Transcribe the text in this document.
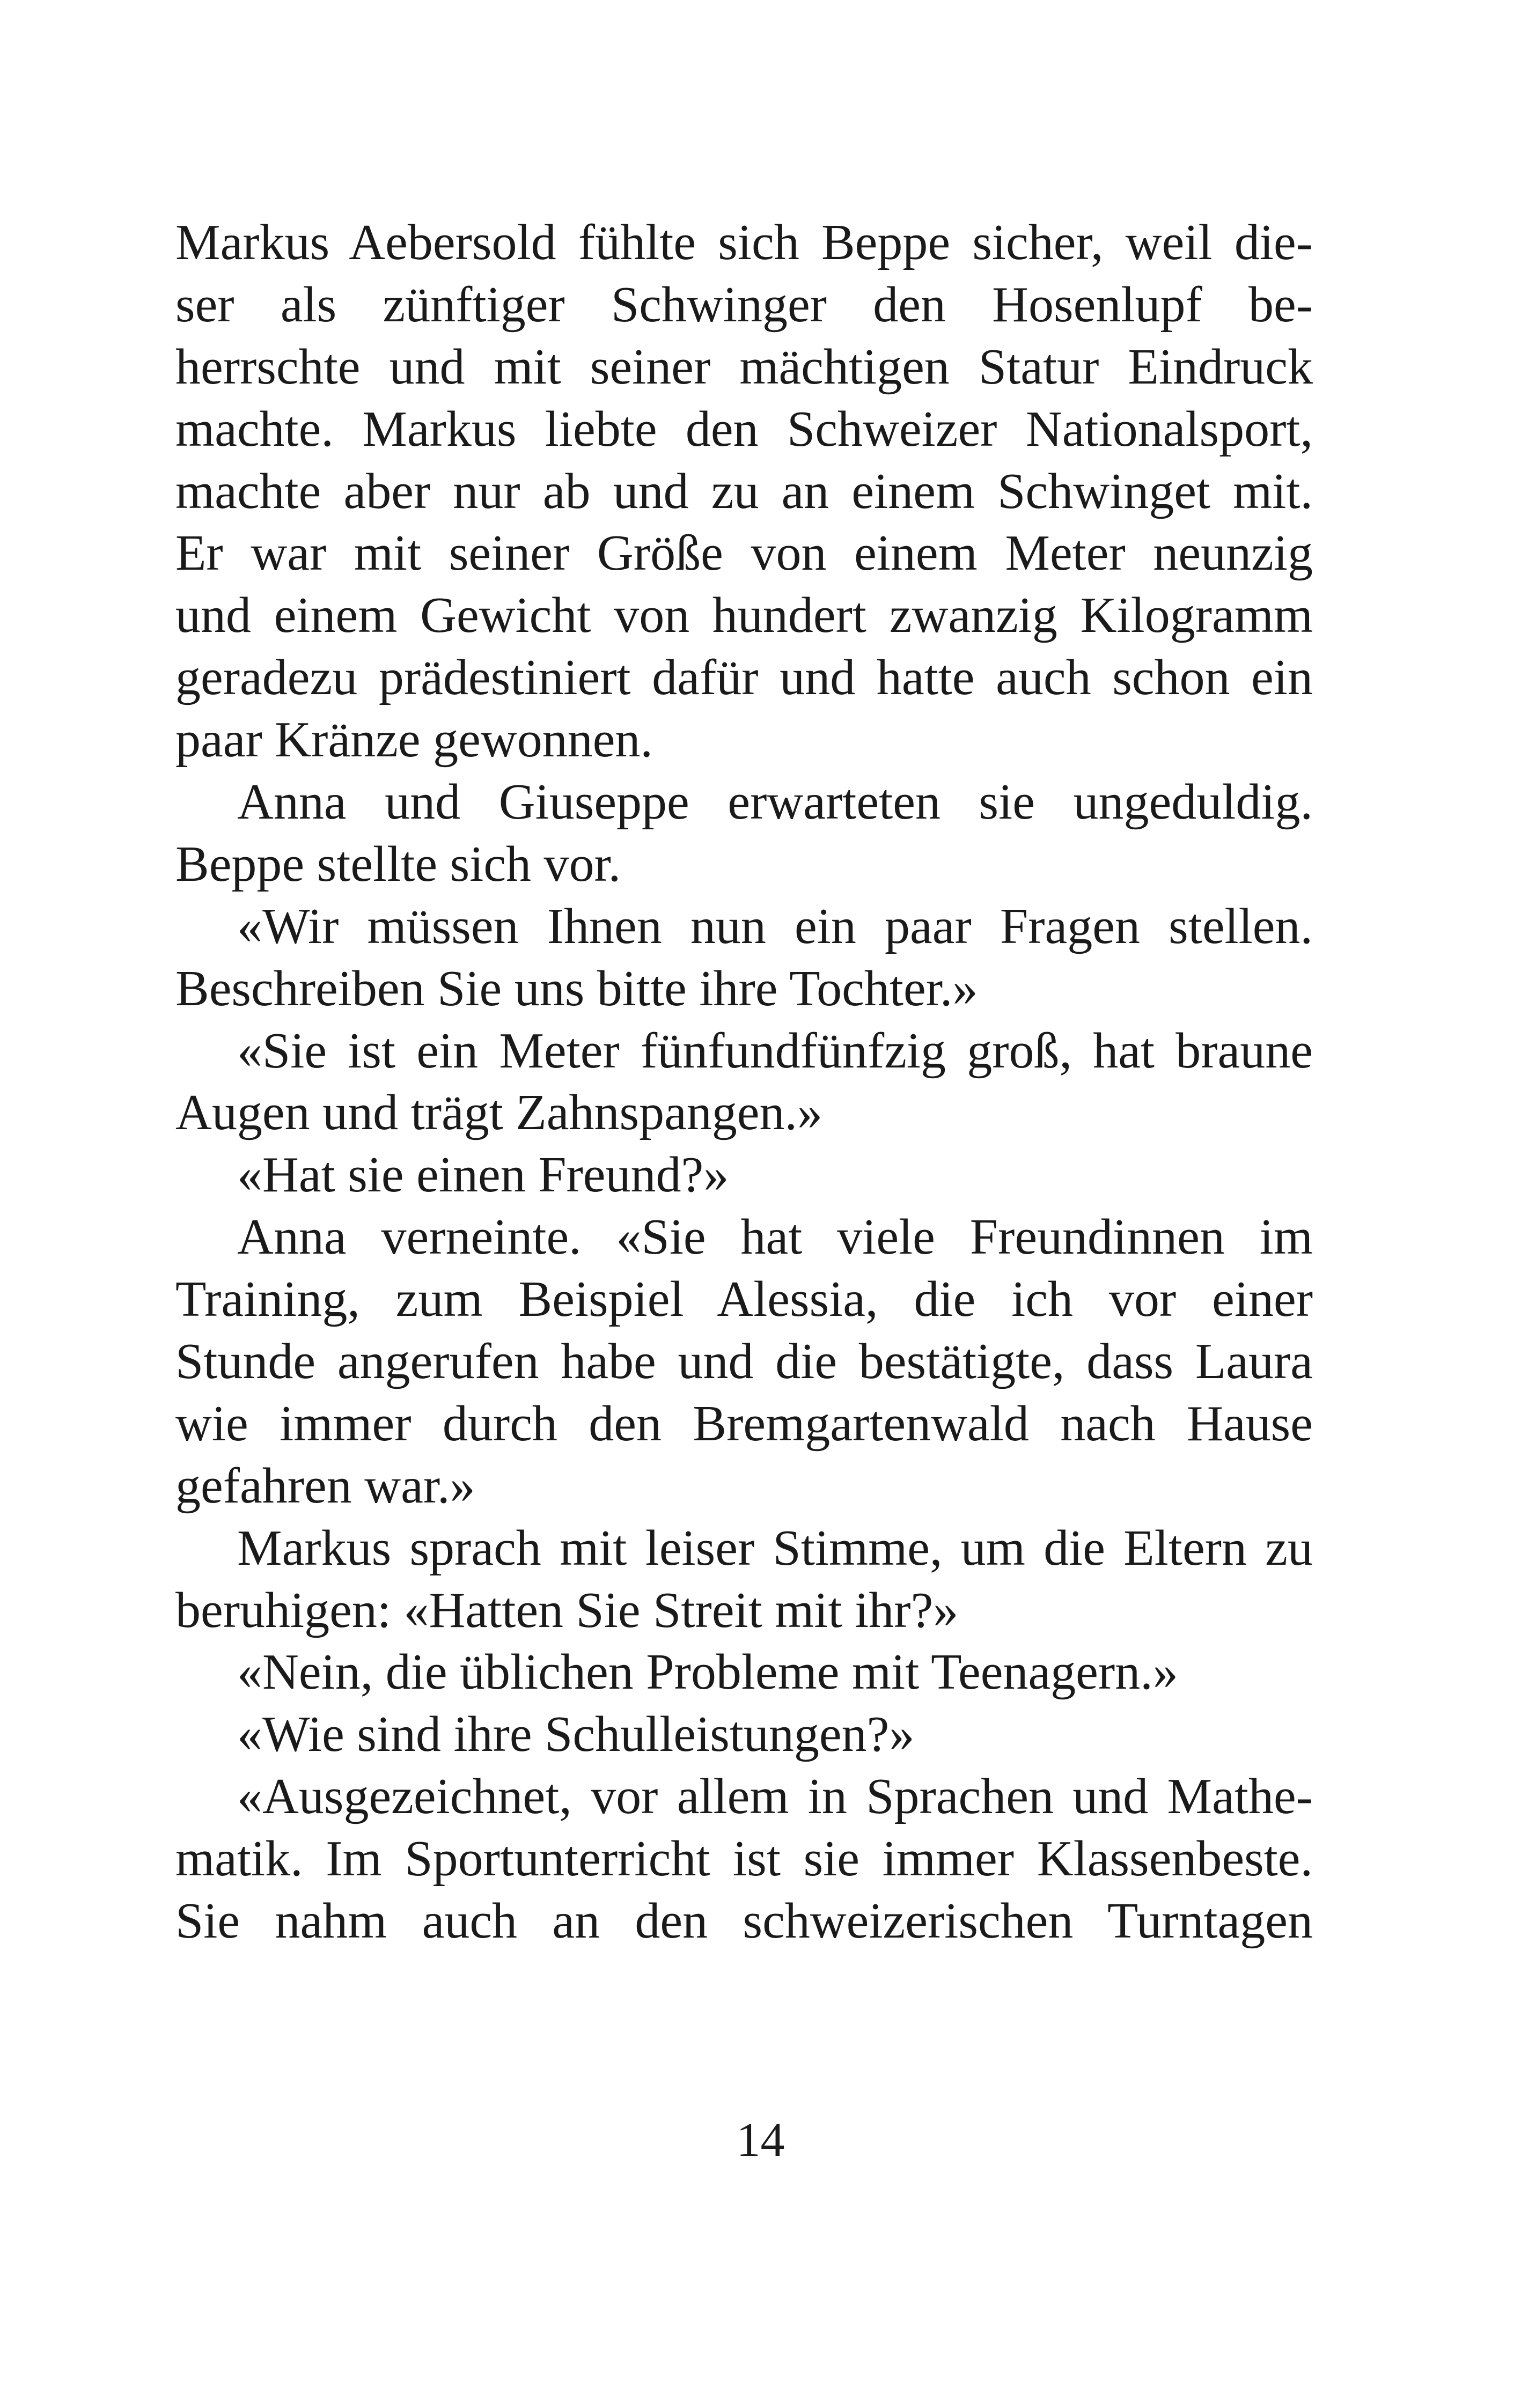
Markus Aebersold fühlte sich Beppe sicher, weil die-
ser als zünftiger Schwinger den Hosenlupf be-
herrschte und mit seiner mächtigen Statur Eindruck
machte. Markus liebte den Schweizer Nationalsport,
machte aber nur ab und zu an einem Schwinget mit.
Er war mit seiner Größe von einem Meter neunzig
und einem Gewicht von hundert zwanzig Kilogramm
geradezu prädestiniert dafür und hatte auch schon ein
paar Kränze gewonnen.
Anna und Giuseppe erwarteten sie ungeduldig.
Beppe stellte sich vor.
«Wir müssen Ihnen nun ein paar Fragen stellen.
Beschreiben Sie uns bitte ihre Tochter.»
«Sie ist ein Meter fünfundfünfzig groß, hat braune
Augen und trägt Zahnspangen.»
«Hat sie einen Freund?»
Anna verneinte. «Sie hat viele Freundinnen im
Training, zum Beispiel Alessia, die ich vor einer
Stunde angerufen habe und die bestätigte, dass Laura
wie immer durch den Bremgartenwald nach Hause
gefahren war.»
Markus sprach mit leiser Stimme, um die Eltern zu
beruhigen: «Hatten Sie Streit mit ihr?»
«Nein, die üblichen Probleme mit Teenagern.»
«Wie sind ihre Schulleistungen?»
«Ausgezeichnet, vor allem in Sprachen und Mathe-
matik. Im Sportunterricht ist sie immer Klassenbeste.
Sie nahm auch an den schweizerischen Turntagen
14
